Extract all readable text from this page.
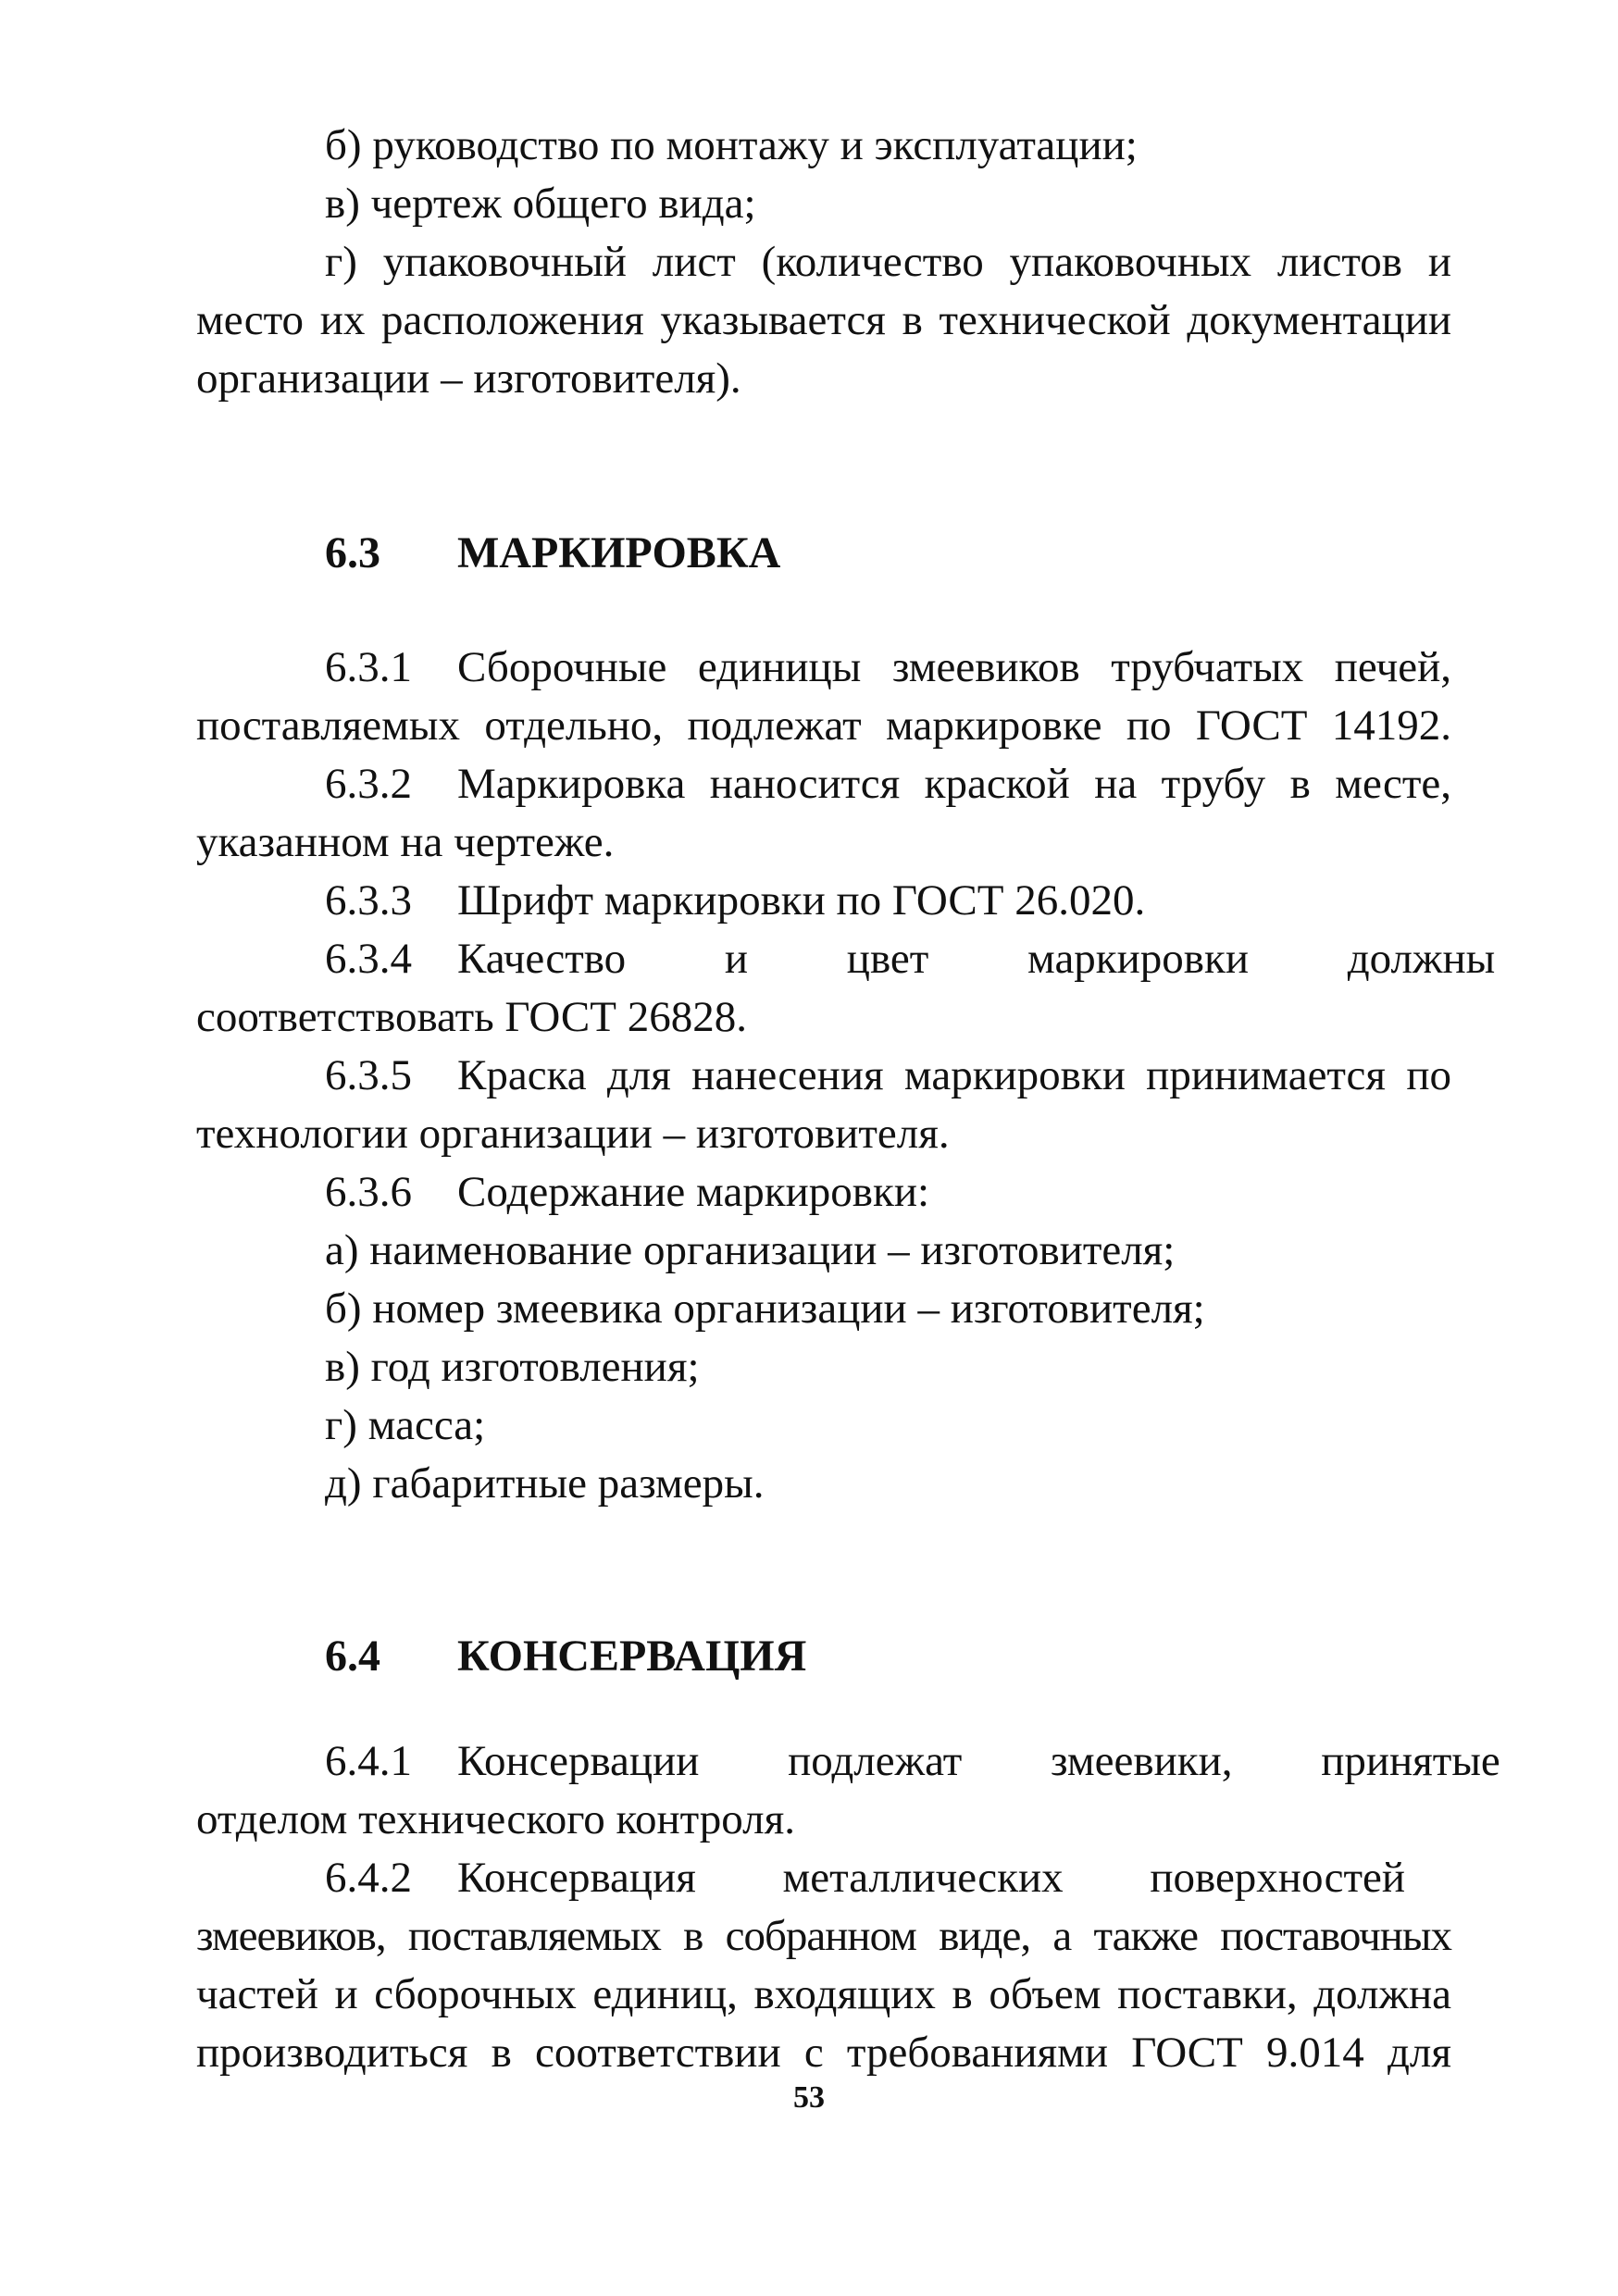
б) руководство по монтажу и эксплуатации;
в) чертеж общего вида;
г) упаковочный лист (количество упаковочных листов и
место их расположения указывается в технической документации
организации – изготовителя).
6.3 МАРКИРОВКА
6.3.1 Сборочные единицы змеевиков трубчатых печей,
поставляемых отдельно, подлежат маркировке по ГОСТ 14192.
6.3.2 Маркировка наносится краской на трубу в месте,
указанном на чертеже.
6.3.3 Шрифт маркировки по ГОСТ 26.020.
6.3.4 Качество и цвет маркировки должны
соответствовать ГОСТ 26828.
6.3.5 Краска для нанесения маркировки принимается по
технологии организации – изготовителя.
6.3.6 Содержание маркировки:
а) наименование организации – изготовителя;
б) номер змеевика организации – изготовителя;
в) год изготовления;
г) масса;
д) габаритные размеры.
6.4 КОНСЕРВАЦИЯ
6.4.1 Консервации подлежат змеевики, принятые
отделом технического контроля.
6.4.2 Консервация металлических поверхностей
змеевиков, поставляемых в собранном виде, а также поставочных
частей и сборочных единиц, входящих в объем поставки, должна
производиться в соответствии с требованиями ГОСТ 9.014 для
53
